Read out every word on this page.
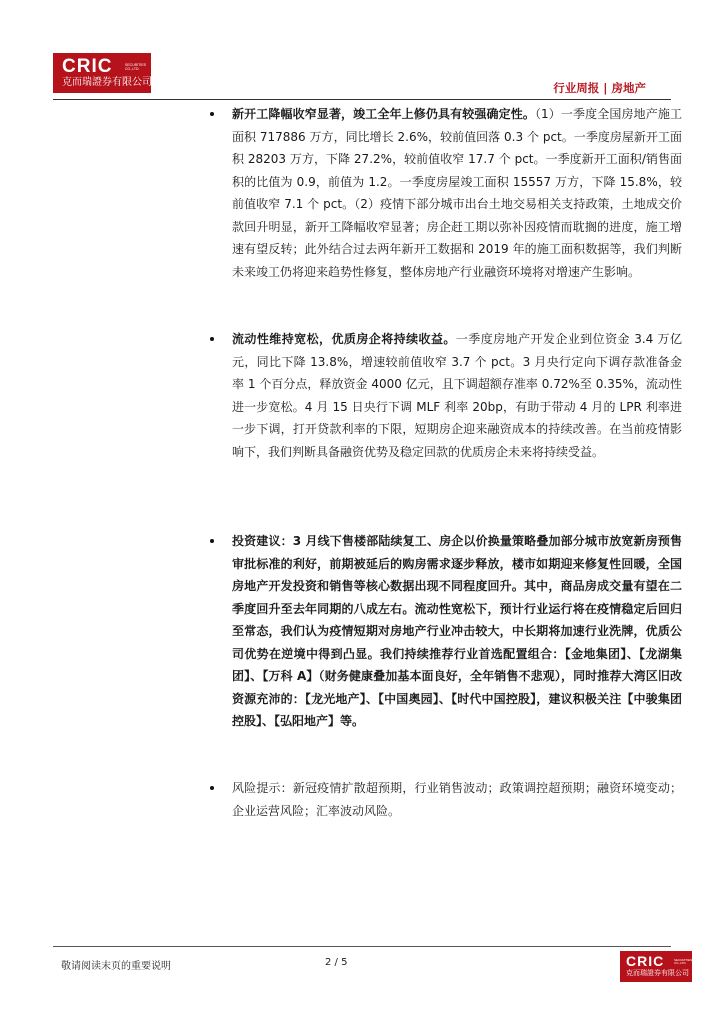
CRIC	SECURITIES CO.,LTD.
克而瑞證券有限公司	行业周报 | 房地产
新开工降幅收窄显著，竣工全年上修仍具有较强确定性。（1）一季度全国房地产施工面积 717886 万方，同比增长 2.6%，较前值回落 0.3 个 pct。一季度房屋新开工面积 28203 万方，下降 27.2%，较前值收窄 17.7 个 pct。一季度新开工面积/销售面积的比值为 0.9，前值为 1.2。一季度房屋竣工面积 15557 万方，下降 15.8%，较前值收窄 7.1 个 pct。（2）疫情下部分城市出台土地交易相关支持政策，土地成交价款回升明显，新开工降幅收窄显著；房企赶工期以弥补因疫情而耽搁的进度，施工增速有望反转；此外结合过去两年新开工数据和 2019 年的施工面积数据等，我们判断未来竣工仍将迎来趋势性修复，整体房地产行业融资环境将对增速产生影响。
流动性维持宽松，优质房企将持续收益。一季度房地产开发企业到位资金 3.4 万亿元，同比下降 13.8%，增速较前值收窄 3.7 个 pct。3 月央行定向下调存款准备金率 1 个百分点，释放资金 4000 亿元，且下调超额存准率 0.72%至 0.35%，流动性进一步宽松。4 月 15 日央行下调 MLF 利率 20bp，有助于带动 4 月的 LPR 利率进一步下调，打开贷款利率的下限，短期房企迎来融资成本的持续改善。在当前疫情影响下，我们判断具备融资优势及稳定回款的优质房企未来将持续受益。
投资建议：3 月线下售楼部陆续复工、房企以价换量策略叠加部分城市放宽新房预售审批标准的利好，前期被延后的购房需求逐步释放，楼市如期迎来修复性回暖，全国房地产开发投资和销售等核心数据出现不同程度回升。其中，商品房成交量有望在二季度回升至去年同期的八成左右。流动性宽松下，预计行业运行将在疫情稳定后回归至常态，我们认为疫情短期对房地产行业冲击较大，中长期将加速行业洗牌，优质公司优势在逆境中得到凸显。我们持续推荐行业首选配置组合：【金地集团】、【龙湖集团】、【万科 A】（财务健康叠加基本面良好，全年销售不悲观），同时推荐大湾区旧改资源充沛的：【龙光地产】、【中国奥园】、【时代中国控股】，建议积极关注【中骏集团控股】、【弘阳地产】等。
风险提示：新冠疫情扩散超预期，行业销售波动；政策调控超预期；融资环境变动；企业运营风险；汇率波动风险。
敬请阅读末页的重要说明	2 / 5	CRIC	SECURITIES CO.,LTD.
克而瑞證券有限公司
